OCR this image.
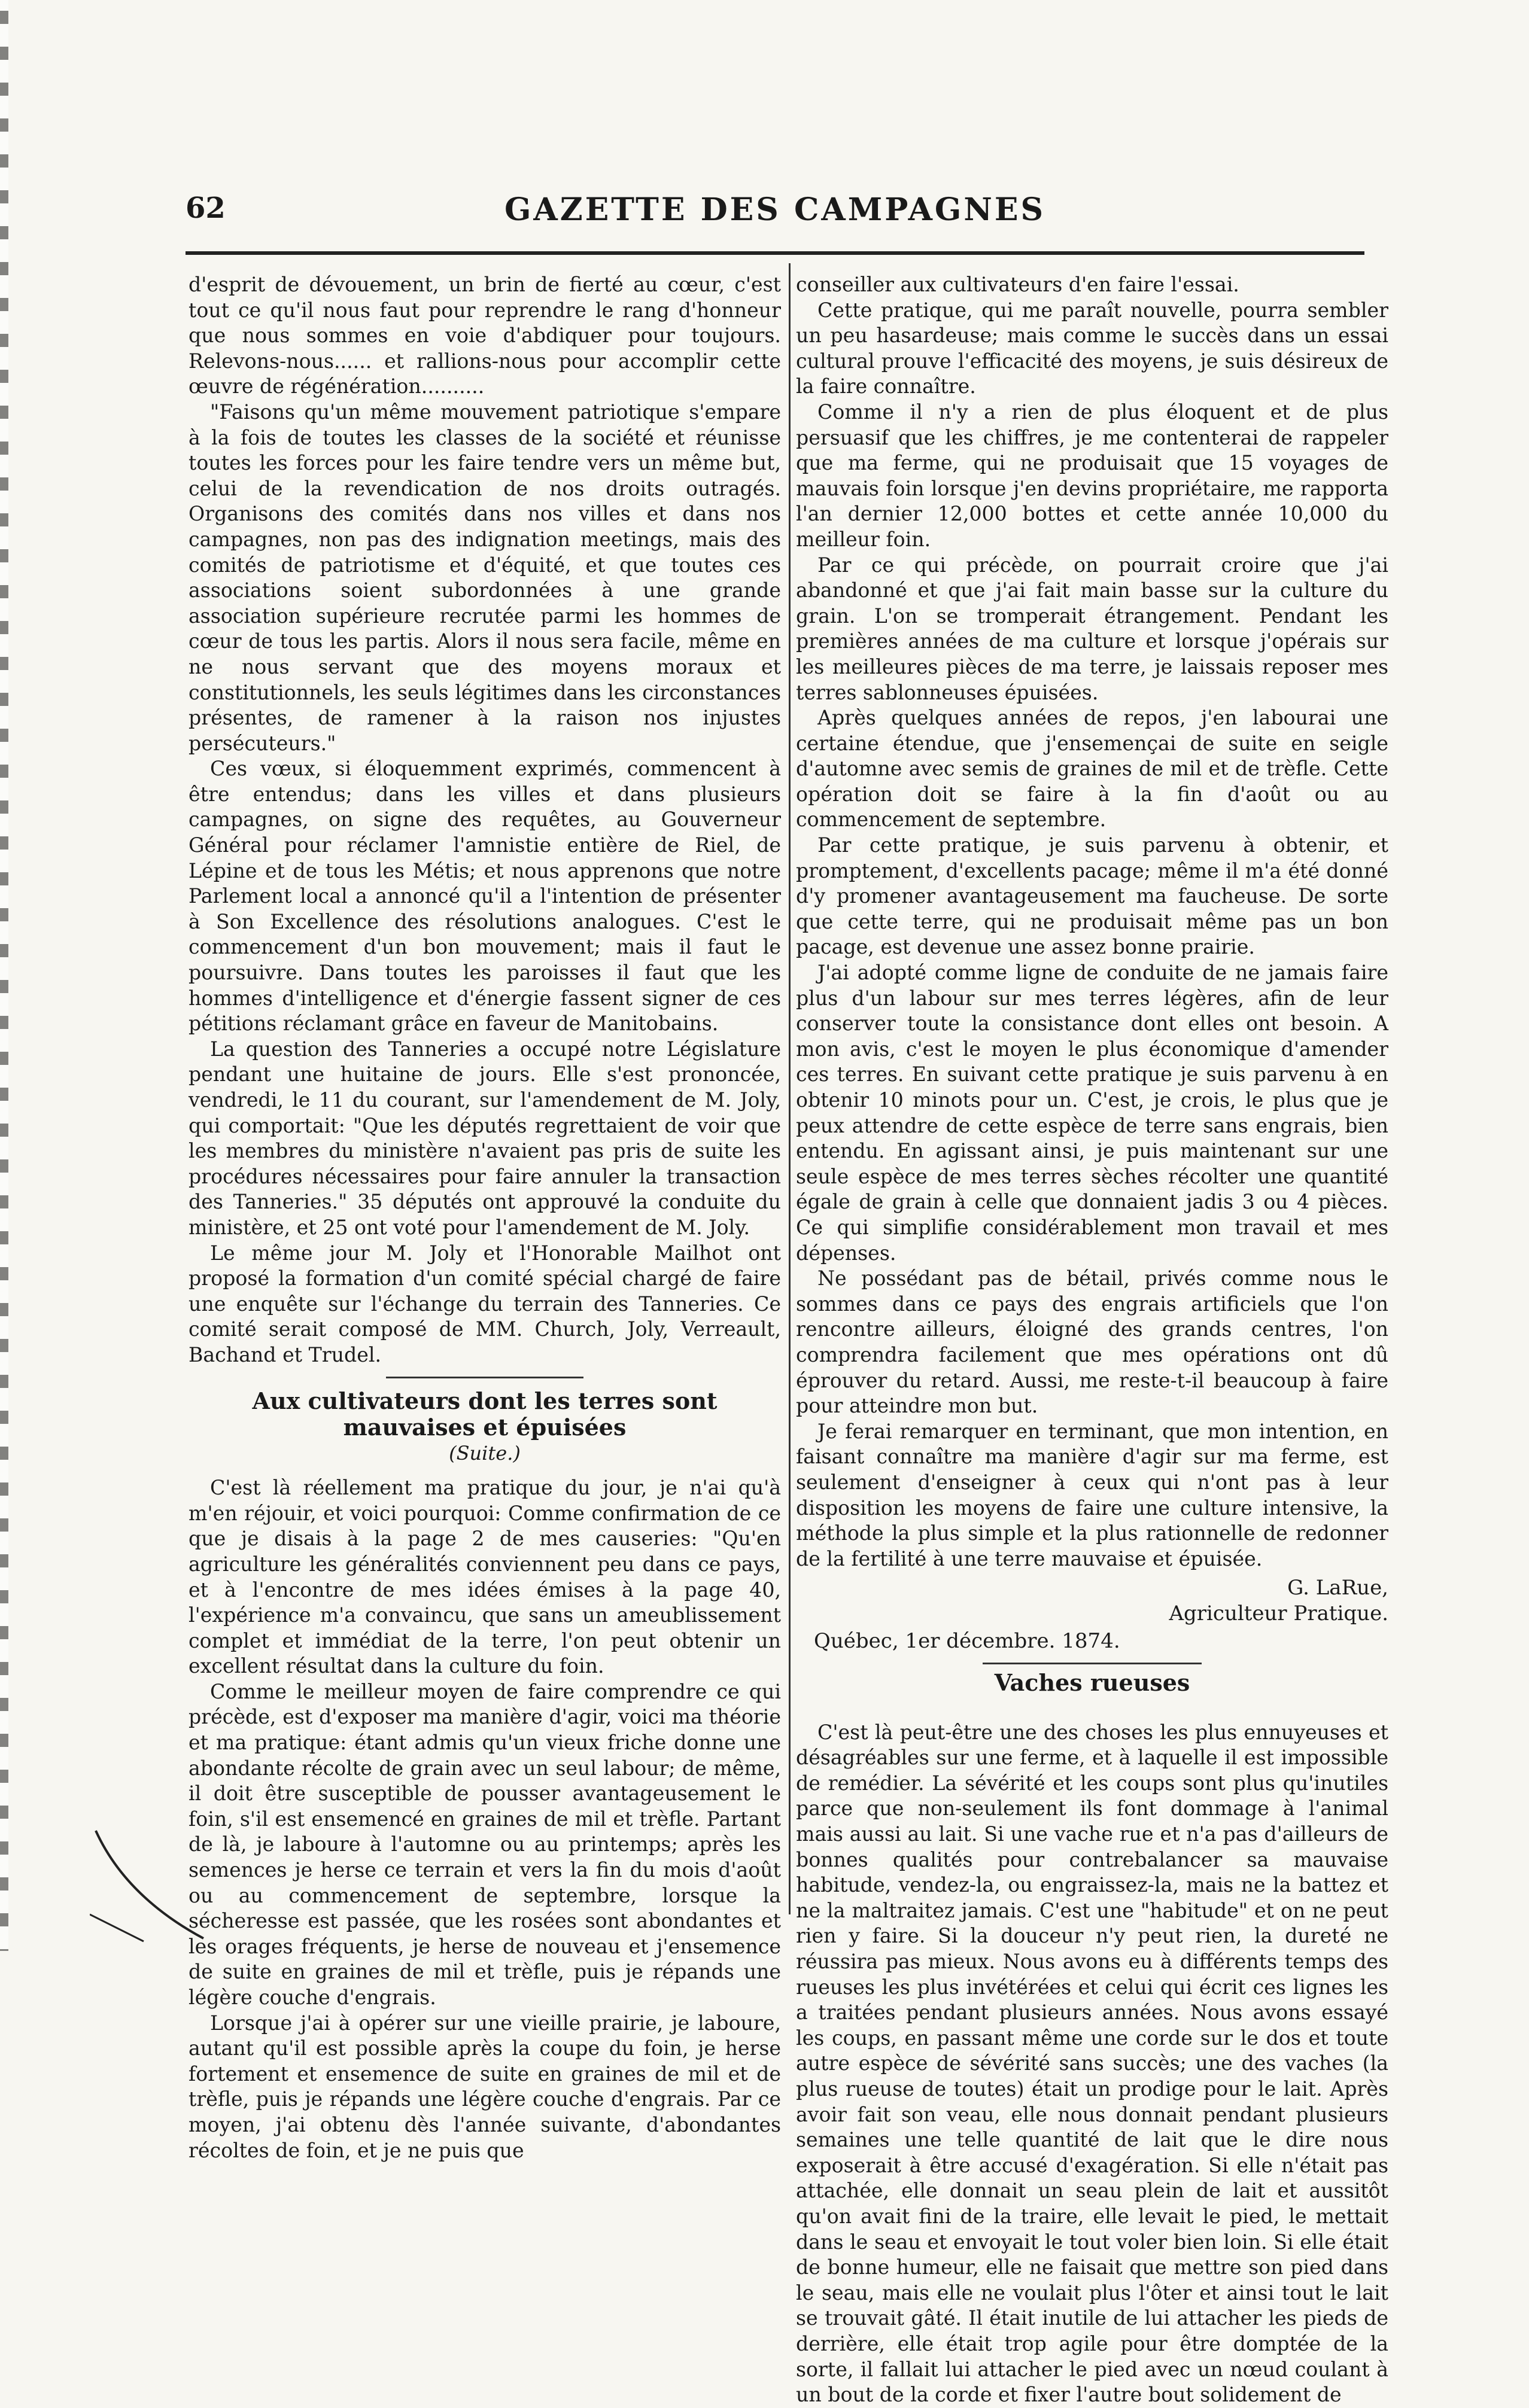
62	GAZETTE DES CAMPAGNES

d'esprit de dévouement, un brin de fierté au cœur, c'est tout ce qu'il nous faut pour reprendre le rang d'honneur que nous sommes en voie d'abdiquer pour toujours. Relevons-nous...... et rallions-nous pour accomplir cette œuvre de régénération..........

"Faisons qu'un même mouvement patriotique s'empare à la fois de toutes les classes de la société et réunisse toutes les forces pour les faire tendre vers un même but, celui de la revendication de nos droits outragés. Organisons des comités dans nos villes et dans nos campagnes, non pas des indignation meetings, mais des comités de patriotisme et d'équité, et que toutes ces associations soient subordonnées à une grande association supérieure recrutée parmi les hommes de cœur de tous les partis. Alors il nous sera facile, même en ne nous servant que des moyens moraux et constitutionnels, les seuls légitimes dans les circonstances présentes, de ramener à la raison nos injustes persécuteurs."

Ces vœux, si éloquemment exprimés, commencent à être entendus; dans les villes et dans plusieurs campagnes, on signe des requêtes, au Gouverneur Général pour réclamer l'amnistie entière de Riel, de Lépine et de tous les Métis; et nous apprenons que notre Parlement local a annoncé qu'il a l'intention de présenter à Son Excellence des résolutions analogues. C'est le commencement d'un bon mouvement; mais il faut le poursuivre. Dans toutes les paroisses il faut que les hommes d'intelligence et d'énergie fassent signer de ces pétitions réclamant grâce en faveur de Manitobains.

La question des Tanneries a occupé notre Législature pendant une huitaine de jours. Elle s'est prononcée, vendredi, le 11 du courant, sur l'amendement de M. Joly, qui comportait: "Que les députés regrettaient de voir que les membres du ministère n'avaient pas pris de suite les procédures nécessaires pour faire annuler la transaction des Tanneries." 35 députés ont approuvé la conduite du ministère, et 25 ont voté pour l'amendement de M. Joly.

Le même jour M. Joly et l'Honorable Mailhot ont proposé la formation d'un comité spécial chargé de faire une enquête sur l'échange du terrain des Tanneries. Ce comité serait composé de MM. Church, Joly, Verreault, Bachand et Trudel.

Aux cultivateurs dont les terres sont mauvaises et épuisées
(Suite.)

C'est là réellement ma pratique du jour, je n'ai qu'à m'en réjouir, et voici pourquoi: Comme confirmation de ce que je disais à la page 2 de mes causeries: "Qu'en agriculture les généralités conviennent peu dans ce pays, et à l'encontre de mes idées émises à la page 40, l'expérience m'a convaincu, que sans un ameublissement complet et immédiat de la terre, l'on peut obtenir un excellent résultat dans la culture du foin.

Comme le meilleur moyen de faire comprendre ce qui précède, est d'exposer ma manière d'agir, voici ma théorie et ma pratique: étant admis qu'un vieux friche donne une abondante récolte de grain avec un seul labour; de même, il doit être susceptible de pousser avantageusement le foin, s'il est ensemencé en graines de mil et trèfle. Partant de là, je laboure à l'automne ou au printemps; après les semences je herse ce terrain et vers la fin du mois d'août ou au commencement de septembre, lorsque la sécheresse est passée, que les rosées sont abondantes et les orages fréquents, je herse de nouveau et j'ensemence de suite en graines de mil et trèfle, puis je répands une légère couche d'engrais.

Lorsque j'ai à opérer sur une vieille prairie, je laboure, autant qu'il est possible après la coupe du foin, je herse fortement et ensemence de suite en graines de mil et de trèfle, puis je répands une légère couche d'engrais. Par ce moyen, j'ai obtenu dès l'année suivante, d'abondantes récoltes de foin, et je ne puis que

conseiller aux cultivateurs d'en faire l'essai.

Cette pratique, qui me paraît nouvelle, pourra sembler un peu hasardeuse; mais comme le succès dans un essai cultural prouve l'efficacité des moyens, je suis désireux de la faire connaître.

Comme il n'y a rien de plus éloquent et de plus persuasif que les chiffres, je me contenterai de rappeler que ma ferme, qui ne produisait que 15 voyages de mauvais foin lorsque j'en devins propriétaire, me rapporta l'an dernier 12,000 bottes et cette année 10,000 du meilleur foin.

Par ce qui précède, on pourrait croire que j'ai abandonné et que j'ai fait main basse sur la culture du grain. L'on se tromperait étrangement. Pendant les premières années de ma culture et lorsque j'opérais sur les meilleures pièces de ma terre, je laissais reposer mes terres sablonneuses épuisées.

Après quelques années de repos, j'en labourai une certaine étendue, que j'ensemençai de suite en seigle d'automne avec semis de graines de mil et de trèfle. Cette opération doit se faire à la fin d'août ou au commencement de septembre.

Par cette pratique, je suis parvenu à obtenir, et promptement, d'excellents pacage; même il m'a été donné d'y promener avantageusement ma faucheuse. De sorte que cette terre, qui ne produisait même pas un bon pacage, est devenue une assez bonne prairie.

J'ai adopté comme ligne de conduite de ne jamais faire plus d'un labour sur mes terres légères, afin de leur conserver toute la consistance dont elles ont besoin. A mon avis, c'est le moyen le plus économique d'amender ces terres. En suivant cette pratique je suis parvenu à en obtenir 10 minots pour un. C'est, je crois, le plus que je peux attendre de cette espèce de terre sans engrais, bien entendu. En agissant ainsi, je puis maintenant sur une seule espèce de mes terres sèches récolter une quantité égale de grain à celle que donnaient jadis 3 ou 4 pièces. Ce qui simplifie considérablement mon travail et mes dépenses.

Ne possédant pas de bétail, privés comme nous le sommes dans ce pays des engrais artificiels que l'on rencontre ailleurs, éloigné des grands centres, l'on comprendra facilement que mes opérations ont dû éprouver du retard. Aussi, me reste-t-il beaucoup à faire pour atteindre mon but.

Je ferai remarquer en terminant, que mon intention, en faisant connaître ma manière d'agir sur ma ferme, est seulement d'enseigner à ceux qui n'ont pas à leur disposition les moyens de faire une culture intensive, la méthode la plus simple et la plus rationnelle de redonner de la fertilité à une terre mauvaise et épuisée.

G. LaRue,
Agriculteur Pratique.
Québec, 1er décembre. 1874.
Vaches rueuses

C'est là peut-être une des choses les plus ennuyeuses et désagréables sur une ferme, et à laquelle il est impossible de remédier. La sévérité et les coups sont plus qu'inutiles parce que non-seulement ils font dommage à l'animal mais aussi au lait. Si une vache rue et n'a pas d'ailleurs de bonnes qualités pour contrebalancer sa mauvaise habitude, vendez-la, ou engraissez-la, mais ne la battez et ne la maltraitez jamais. C'est une "habitude" et on ne peut rien y faire. Si la douceur n'y peut rien, la dureté ne réussira pas mieux. Nous avons eu à différents temps des rueuses les plus invétérées et celui qui écrit ces lignes les a traitées pendant plusieurs années. Nous avons essayé les coups, en passant même une corde sur le dos et toute autre espèce de sévérité sans succès; une des vaches (la plus rueuse de toutes) était un prodige pour le lait. Après avoir fait son veau, elle nous donnait pendant plusieurs semaines une telle quantité de lait que le dire nous exposerait à être accusé d'exagération. Si elle n'était pas attachée, elle donnait un seau plein de lait et aussitôt qu'on avait fini de la traire, elle levait le pied, le mettait dans le seau et envoyait le tout voler bien loin. Si elle était de bonne humeur, elle ne faisait que mettre son pied dans le seau, mais elle ne voulait plus l'ôter et ainsi tout le lait se trouvait gâté. Il était inutile de lui attacher les pieds de derrière, elle était trop agile pour être domptée de la sorte, il fallait lui attacher le pied avec un nœud coulant à un bout de la corde et fixer l'autre bout solidement de
